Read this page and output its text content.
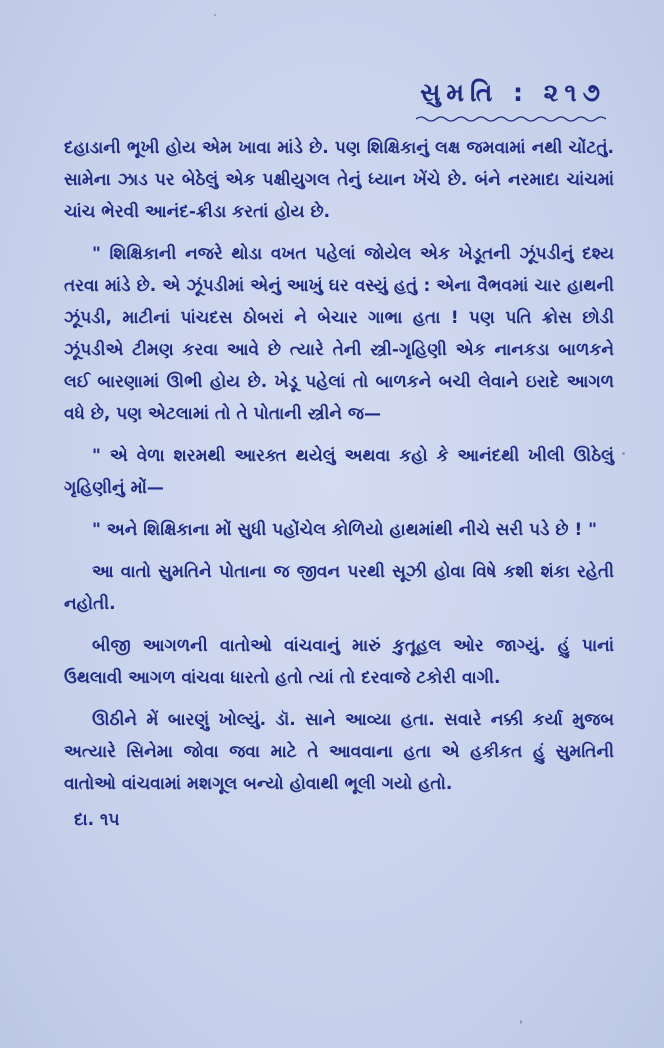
સુમતિ : ૨૧૭

દહાડાની ભૂખી હોય એમ ખાવા માંડે છે. પણ શિક્ષિકાનું લક્ષ જમવામાં નથી ચોંટતું. સામેના ઝાડ પર બેઠેલું એક પક્ષીયુગલ તેનું ધ્યાન ખેંચે છે. બંને નરમાદા ચાંચમાં ચાંચ ભેરવી આનંદ-ક્રીડા કરતાં હોય છે.

" શિક્ષિકાની નજરે થોડા વખત પહેલાં જોયેલ એક ખેડૂતની ઝૂંપડીનું દશ્ય તરવા માંડે છે. એ ઝૂંપડીમાં એનું આખું ઘર વસ્યું હતું : એના વૈભવમાં ચાર હાથની ઝૂંપડી, માટીનાં પાંચદસ ઠોબરાં ને બેચાર ગાભા હતા ! પણ પતિ ક્રોસ છોડી ઝૂંપડીએ ટીમણ કરવા આવે છે ત્યારે તેની સ્ત્રી-ગૃહિણી એક નાનકડા બાળકને લઈ બારણામાં ઊભી હોય છે. ખેડૂ પહેલાં તો બાળકને બચી લેવાને ઇરાદે આગળ વધે છે, પણ એટલામાં તો તે પોતાની સ્ત્રીને જ—

" એ વેળા શરમથી આરક્ત થયેલું અથવા કહો કે આનંદથી ખીલી ઊઠેલું ગૃહિણીનું મોં—

" અને શિક્ષિકાના મોં સુધી પહોંચેલ કોળિયો હાથમાંથી નીચે સરી પડે છે ! "

આ વાતો સુમતિને પોતાના જ જીવન પરથી સૂઝી હોવા વિષે કશી શંકા રહેતી નહોતી.

બીજી આગળની વાતોઓ વાંચવાનું મારું કુતૂહલ ઓર જાગ્યું. હું પાનાં ઉથલાવી આગળ વાંચવા ધારતો હતો ત્યાં તો દરવાજે ટકોરી વાગી.

ઊઠીને મેં બારણું ખોલ્યું. ડૉ. સાને આવ્યા હતા. સવારે નક્કી કર્યા મુજબ અત્યારે સિનેમા જોવા જવા માટે તે આવવાના હતા એ હકીકત હું સુમતિની વાતોઓ વાંચવામાં મશગૂલ બન્યો હોવાથી ભૂલી ગયો હતો.

દા. ૧૫
